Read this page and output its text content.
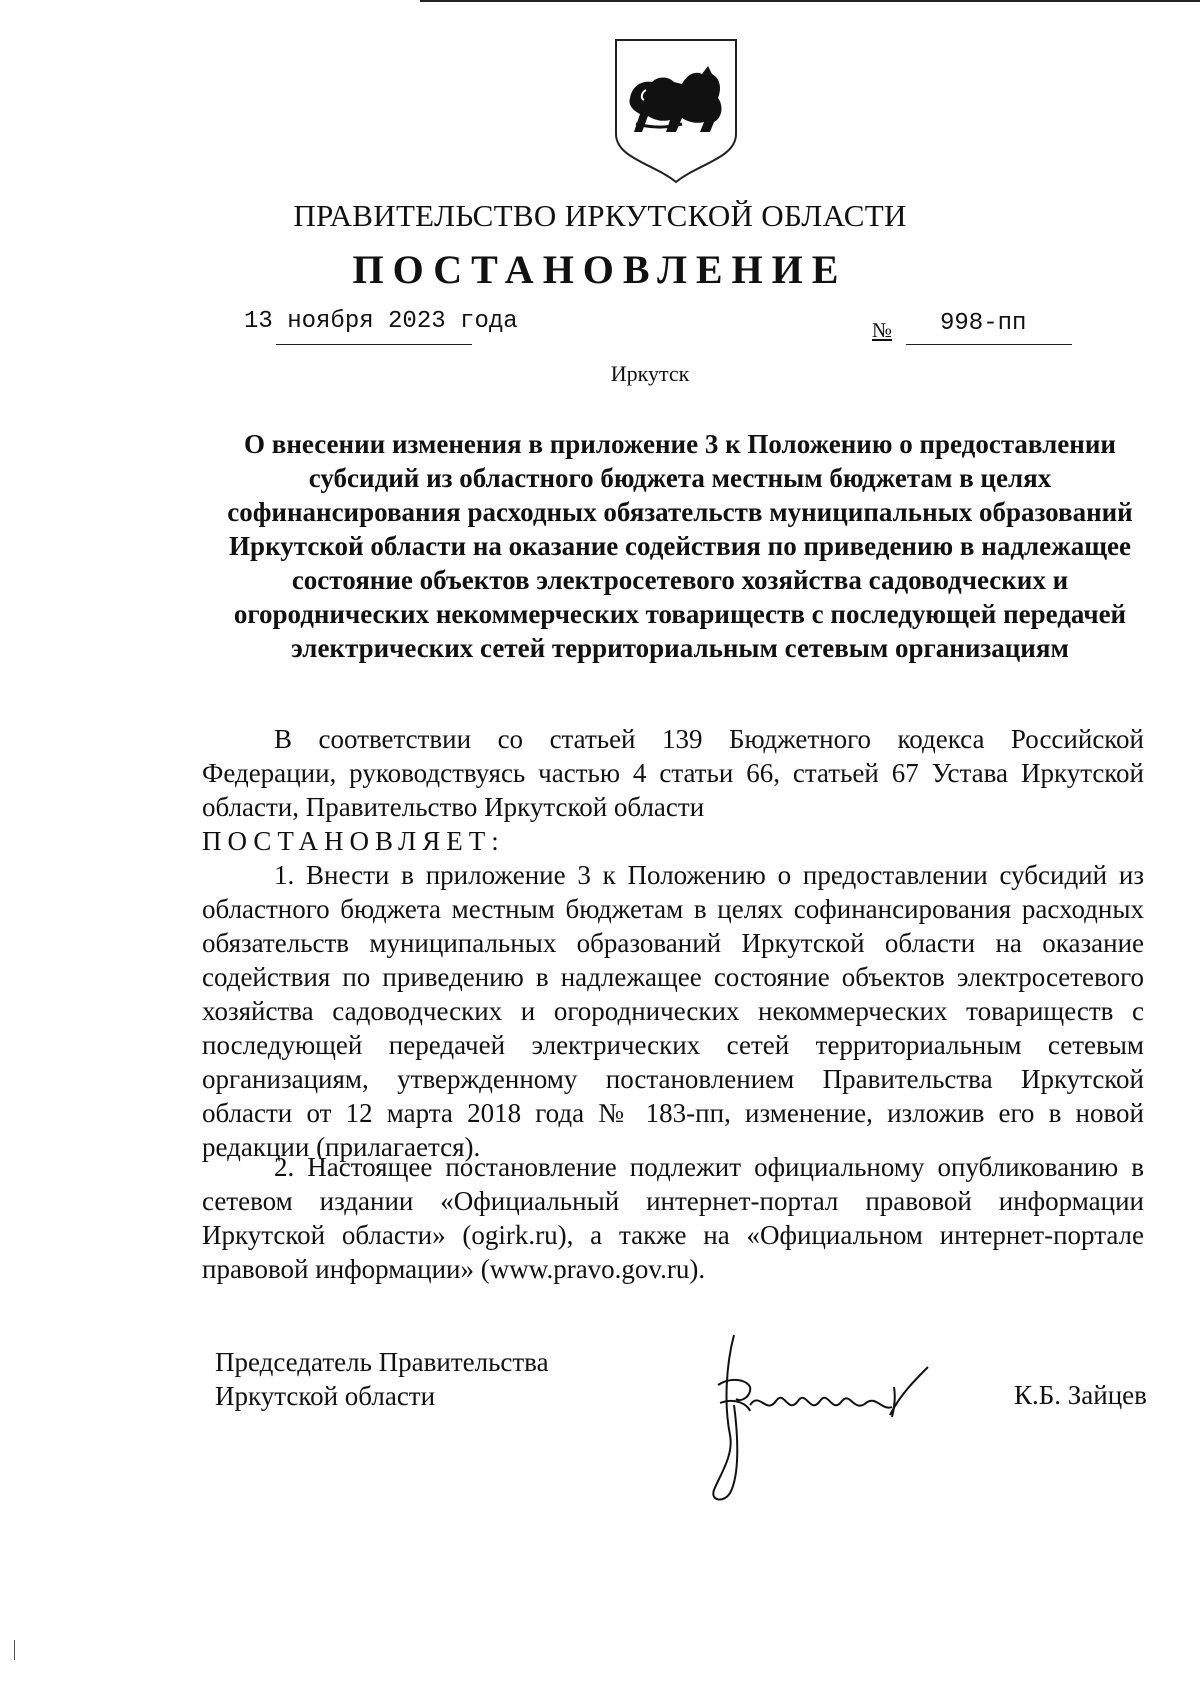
ПРАВИТЕЛЬСТВО ИРКУТСКОЙ ОБЛАСТИ
ПОСТАНОВЛЕНИЕ
13 ноября 2023 года	№ 998-пп
Иркутск
О внесении изменения в приложение 3 к Положению о предоставлении субсидий из областного бюджета местным бюджетам в целях софинансирования расходных обязательств муниципальных образований Иркутской области на оказание содействия по приведению в надлежащее состояние объектов электросетевого хозяйства садоводческих и огороднических некоммерческих товариществ с последующей передачей электрических сетей территориальным сетевым организациям
В соответствии со статьей 139 Бюджетного кодекса Российской Федерации, руководствуясь частью 4 статьи 66, статьей 67 Устава Иркутской области, Правительство Иркутской области
ПОСТАНОВЛЯЕТ:
1. Внести в приложение 3 к Положению о предоставлении субсидий из областного бюджета местным бюджетам в целях софинансирования расходных обязательств муниципальных образований Иркутской области на оказание содействия по приведению в надлежащее состояние объектов электросетевого хозяйства садоводческих и огороднических некоммерческих товариществ с последующей передачей электрических сетей территориальным сетевым организациям, утвержденному постановлением Правительства Иркутской области от 12 марта 2018 года № 183-пп, изменение, изложив его в новой редакции (прилагается).
2. Настоящее постановление подлежит официальному опубликованию в сетевом издании «Официальный интернет-портал правовой информации Иркутской области» (ogirk.ru), а также на «Официальном интернет-портале правовой информации» (www.pravo.gov.ru).
Председатель Правительства
Иркутской области	К.Б. Зайцев
